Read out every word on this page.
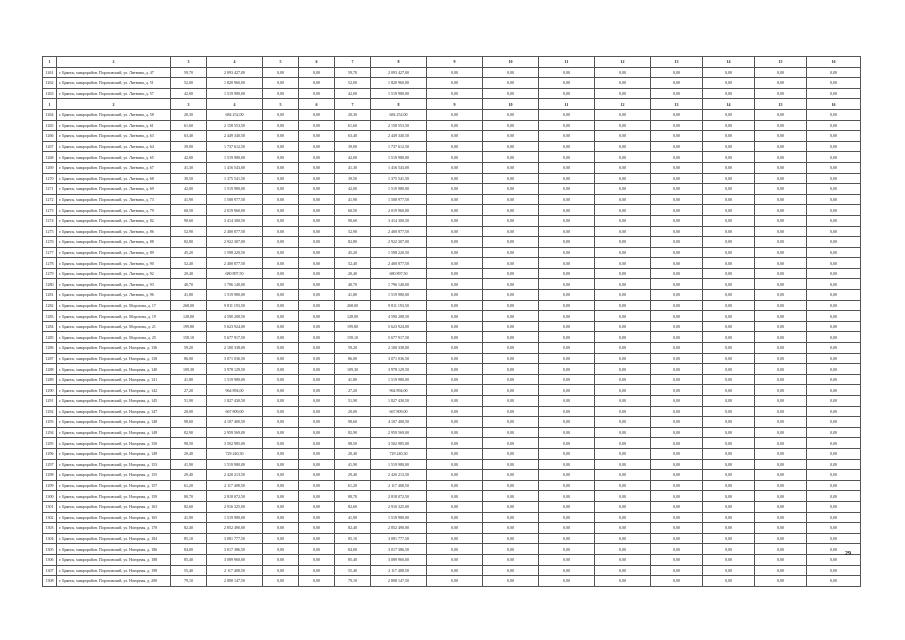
1	2	3	4	5	6	7	8	9	10	11	12	13	14	15	16
1261	г. Брянск, микрорайон. Пороховский, ул. Литвина, д. 47	59,70	2 093 427,00	0,00	0,00	59,70	2 093 427,00	0,00	0,00	0,00	0,00	0,00	0,00	0,00	0,00
1262	г. Брянск, микрорайон. Пороховский, ул. Литвина, д. 51	52,00	1 820 960,00	0,00	0,00	52,00	1 820 960,00	0,00	0,00	0,00	0,00	0,00	0,00	0,00	0,00
1263	г. Брянск, микрорайон. Пороховский, ул. Литвина, д. 57	42,00	1 519 980,00	0,00	0,00	42,00	1 519 980,00	0,00	0,00	0,00	0,00	0,00	0,00	0,00	0,00
1	2	3	4	5	6	7	8	9	10	11	12	13	14	15	16
1264	г. Брянск, микрорайон. Пороховский, ул. Литвина, д. 58	20,30	684 252,00	0,00	0,00	20,30	684 252,00	0,00	0,00	0,00	0,00	0,00	0,00	0,00	0,00
1265	г. Брянск, микрорайон. Пороховский, ул. Литвина, д. 61	61,60	2 158 553,50	0,00	0,00	61,60	2 158 553,50	0,00	0,00	0,00	0,00	0,00	0,00	0,00	0,00
1266	г. Брянск, микрорайон. Пороховский, ул. Литвина, д. 63	63,40	2 449 340,50	0,00	0,00	63,40	2 449 340,50	0,00	0,00	0,00	0,00	0,00	0,00	0,00	0,00
1267	г. Брянск, микрорайон. Пороховский, ул. Литвина, д. 64	39,00	1 737 612,50	0,00	0,00	39,00	1 737 612,50	0,00	0,00	0,00	0,00	0,00	0,00	0,00	0,00
1268	г. Брянск, микрорайон. Пороховский, ул. Литвина, д. 65	42,00	1 519 980,00	0,00	0,00	42,00	1 519 980,00	0,00	0,00	0,00	0,00	0,00	0,00	0,00	0,00
1269	г. Брянск, микрорайон. Пороховский, ул. Литвина, д. 67	41,30	1 416 543,00	0,00	0,00	41,30	1 416 543,00	0,00	0,00	0,00	0,00	0,00	0,00	0,00	0,00
1270	г. Брянск, микрорайон. Пороховский, ул. Литвина, д. 68	39,50	1 375 541,50	0,00	0,00	39,50	1 375 541,50	0,00	0,00	0,00	0,00	0,00	0,00	0,00	0,00
1271	г. Брянск, микрорайон. Пороховский, ул. Литвина, д. 69	42,00	1 519 980,00	0,00	0,00	42,00	1 519 980,00	0,00	0,00	0,00	0,00	0,00	0,00	0,00	0,00
1272	г. Брянск, микрорайон. Пороховский, ул. Литвина, д. 73	41,90	1 508 977,50	0,00	0,00	41,90	1 508 977,50	0,00	0,00	0,00	0,00	0,00	0,00	0,00	0,00
1273	г. Брянск, микрорайон. Пороховский, ул. Литвина, д. 79	60,50	2 019 960,00	0,00	0,00	60,50	2 019 960,00	0,00	0,00	0,00	0,00	0,00	0,00	0,00	0,00
1274	г. Брянск, микрорайон. Пороховский, ул. Литвина, д. 82	90,60	3 414 300,50	0,00	0,00	90,60	3 414 300,50	0,00	0,00	0,00	0,00	0,00	0,00	0,00	0,00
1275	г. Брянск, микрорайон. Пороховский, ул. Литвина, д. 86	52,90	2 400 877,50	0,00	0,00	52,90	2 400 877,50	0,00	0,00	0,00	0,00	0,00	0,00	0,00	0,00
1276	г. Брянск, микрорайон. Пороховский, ул. Литвина, д. 88	82,80	2 922 307,00	0,00	0,00	82,80	2 922 307,00	0,00	0,00	0,00	0,00	0,00	0,00	0,00	0,00
1277	г. Брянск, микрорайон. Пороховский, ул. Литвина, д. 89	45,20	1 598 220,50	0,00	0,00	45,20	1 598 220,50	0,00	0,00	0,00	0,00	0,00	0,00	0,00	0,00
1278	г. Брянск, микрорайон. Пороховский, ул. Литвина, д. 90	52,40	2 400 877,50	0,00	0,00	52,40	2 400 877,50	0,00	0,00	0,00	0,00	0,00	0,00	0,00	0,00
1279	г. Брянск, микрорайон. Пороховский, ул. Литвина, д. 92	20,40	680 897,50	0,00	0,00	20,40	680 897,50	0,00	0,00	0,00	0,00	0,00	0,00	0,00	0,00
1280	г. Брянск, микрорайон. Пороховский, ул. Литвина, д. 93	40,70	1 796 140,00	0,00	0,00	40,70	1 796 140,00	0,00	0,00	0,00	0,00	0,00	0,00	0,00	0,00
1281	г. Брянск, микрорайон. Пороховский, ул. Литвина, д. 96	41,80	1 519 980,00	0,00	0,00	41,80	1 519 980,00	0,00	0,00	0,00	0,00	0,00	0,00	0,00	0,00
1282	г. Брянск, микрорайон. Пороховский, ул. Морозова, д. 17	268,00	9 811 193,50	0,00	0,00	268,00	9 811 193,50	0,00	0,00	0,00	0,00	0,00	0,00	0,00	0,00
1283	г. Брянск, микрорайон. Пороховский, ул. Морозова, д. 19	128,00	4 590 208,50	0,00	0,00	128,00	4 590 208,50	0,00	0,00	0,00	0,00	0,00	0,00	0,00	0,00
1284	г. Брянск, микрорайон. Пороховский, ул. Морозова, д. 21	199,80	5 623 924,00	0,00	0,00	199,80	5 623 924,00	0,00	0,00	0,00	0,00	0,00	0,00	0,00	0,00
1285	г. Брянск, микрорайон. Пороховский, ул. Морозова, д. 25	158,10	5 677 917,50	0,00	0,00	158,10	5 677 917,50	0,00	0,00	0,00	0,00	0,00	0,00	0,00	0,00
1286	г. Брянск, микрорайон. Пороховский, ул. Нагорная, д. 136	59,20	2 100 338,00	0,00	0,00	59,20	2 100 338,00	0,00	0,00	0,00	0,00	0,00	0,00	0,00	0,00
1287	г. Брянск, микрорайон. Пороховский, ул. Нагорная, д. 138	86,00	3 071 036,50	0,00	0,00	86,00	3 071 036,50	0,00	0,00	0,00	0,00	0,00	0,00	0,00	0,00
1288	г. Брянск, микрорайон. Пороховский, ул. Нагорная, д. 140	109,30	3 978 129,50	0,00	0,00	109,30	3 978 129,50	0,00	0,00	0,00	0,00	0,00	0,00	0,00	0,00
1289	г. Брянск, микрорайон. Пороховский, ул. Нагорная, д. 141	41,80	1 519 980,00	0,00	0,00	41,80	1 519 980,00	0,00	0,00	0,00	0,00	0,00	0,00	0,00	0,00
1290	г. Брянск, микрорайон. Пороховский, ул. Нагорная, д. 142	27,20	964 894,00	0,00	0,00	27,20	964 894,00	0,00	0,00	0,00	0,00	0,00	0,00	0,00	0,00
1291	г. Брянск, микрорайон. Пороховский, ул. Нагорная, д. 145	51,90	1 827 430,50	0,00	0,00	51,90	1 827 430,50	0,00	0,00	0,00	0,00	0,00	0,00	0,00	0,00
1292	г. Брянск, микрорайон. Пороховский, ул. Нагорная, д. 147	20,00	667 809,00	0,00	0,00	20,00	667 809,00	0,00	0,00	0,00	0,00	0,00	0,00	0,00	0,00
1293	г. Брянск, микрорайон. Пороховский, ул. Нагорная, д. 148	98,60	4 107 400,50	0,00	0,00	98,60	4 107 400,50	0,00	0,00	0,00	0,00	0,00	0,00	0,00	0,00
1294	г. Брянск, микрорайон. Пороховский, ул. Нагорная, д. 149	82,90	2 959 569,00	0,00	0,00	82,90	2 959 569,00	0,00	0,00	0,00	0,00	0,00	0,00	0,00	0,00
1295	г. Брянск, микрорайон. Пороховский, ул. Нагорная, д. 150	98,50	3 502 985,00	0,00	0,00	98,50	3 502 985,00	0,00	0,00	0,00	0,00	0,00	0,00	0,00	0,00
1296	г. Брянск, микрорайон. Пороховский, ул. Нагорная, д. 149	20,40	729 240,30	0,00	0,00	20,40	729 240,30	0,00	0,00	0,00	0,00	0,00	0,00	0,00	0,00
1297	г. Брянск, микрорайон. Пороховский, ул. Нагорная, д. 153	41,90	1 519 980,00	0,00	0,00	41,90	1 519 980,00	0,00	0,00	0,00	0,00	0,00	0,00	0,00	0,00
1298	г. Брянск, микрорайон. Пороховский, ул. Нагорная, д. 155	29,40	2 420 213,50	0,00	0,00	29,40	2 420 213,50	0,00	0,00	0,00	0,00	0,00	0,00	0,00	0,00
1299	г. Брянск, микрорайон. Пороховский, ул. Нагорная, д. 157	61,20	2 117 408,50	0,00	0,00	61,20	2 117 408,50	0,00	0,00	0,00	0,00	0,00	0,00	0,00	0,00
1300	г. Брянск, микрорайон. Пороховский, ул. Нагорная, д. 159	80,70	2 818 072,50	0,00	0,00	80,70	2 818 072,50	0,00	0,00	0,00	0,00	0,00	0,00	0,00	0,00
1301	г. Брянск, микрорайон. Пороховский, ул. Нагорная, д. 163	82,60	2 916 325,00	0,00	0,00	82,60	2 916 325,00	0,00	0,00	0,00	0,00	0,00	0,00	0,00	0,00
1302	г. Брянск, микрорайон. Пороховский, ул. Нагорная, д. 165	41,90	1 519 980,00	0,00	0,00	41,90	1 519 980,00	0,00	0,00	0,00	0,00	0,00	0,00	0,00	0,00
1303	г. Брянск, микрорайон. Пороховский, ул. Нагорная, д. 170	82,40	2 852 490,00	0,00	0,00	82,40	2 852 490,00	0,00	0,00	0,00	0,00	0,00	0,00	0,00	0,00
1304	г. Брянск, микрорайон. Пороховский, ул. Нагорная, д. 184	85,10	3 081 777,50	0,00	0,00	85,10	3 081 777,50	0,00	0,00	0,00	0,00	0,00	0,00	0,00	0,00
1305	г. Брянск, микрорайон. Пороховский, ул. Нагорная, д. 186	84,00	3 017 386,50	0,00	0,00	84,00	3 017 386,50	0,00	0,00	0,00	0,00	0,00	0,00	0,00	0,00
1306	г. Брянск, микрорайон. Пороховский, ул. Нагорная, д. 188	85,40	3 089 960,00	0,00	0,00	85,40	3 089 960,00	0,00	0,00	0,00	0,00	0,00	0,00	0,00	0,00
1307	г. Брянск, микрорайон. Пороховский, ул. Нагорная, д. 198	55,40	2 117 408,50	0,00	0,00	55,40	2 117 408,50	0,00	0,00	0,00	0,00	0,00	0,00	0,00	0,00
1308	г. Брянск, микрорайон. Пороховский, ул. Нагорная, д. 200	79,10	2 808 147,50	0,00	0,00	79,10	2 808 147,50	0,00	0,00	0,00	0,00	0,00	0,00	0,00	0,00
29
